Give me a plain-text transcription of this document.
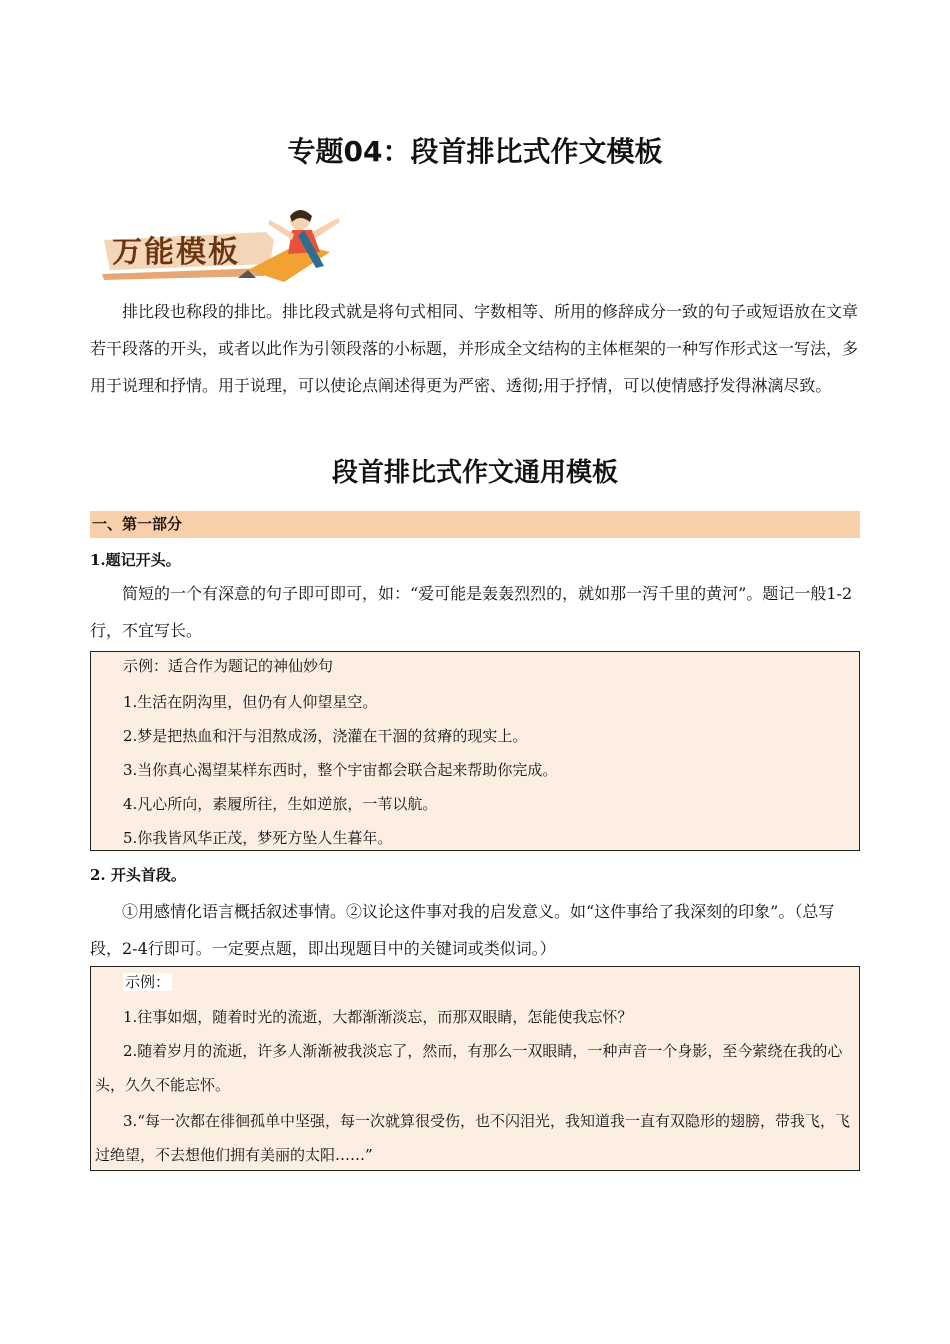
专题04：段首排比式作文模板
万能模板

排比段也称段的排比。排比段式就是将句式相同、字数相等、所用的修辞成分一致的句子或短语放在文章若干段落的开头，或者以此作为引领段落的小标题，并形成全文结构的主体框架的一种写作形式这一写法，多用于说理和抒情。用于说理，可以使论点阐述得更为严密、透彻;用于抒情，可以使情感抒发得淋漓尽致。

段首排比式作文通用模板
一、第一部分
1.题记开头。

简短的一个有深意的句子即可即可，如：“爱可能是轰轰烈烈的，就如那一泻千里的黄河”。题记一般1-2行，不宜写长。

示例：适合作为题记的神仙妙句
1.生活在阴沟里，但仍有人仰望星空。
2.梦是把热血和汗与泪熬成汤，浇灌在干涸的贫瘠的现实上。
3.当你真心渴望某样东西时，整个宇宙都会联合起来帮助你完成。
4.凡心所向，素履所往，生如逆旅，一苇以航。
5.你我皆风华正茂，梦死方坠人生暮年。
2. 开头首段。

①用感情化语言概括叙述事情。②议论这件事对我的启发意义。如“这件事给了我深刻的印象”。（总写段，2-4行即可。一定要点题，即出现题目中的关键词或类似词。）

示例：
1.往事如烟，随着时光的流逝，大都渐渐淡忘，而那双眼睛，怎能使我忘怀？
2.随着岁月的流逝，许多人渐渐被我淡忘了，然而，有那么一双眼睛，一种声音一个身影，至今萦绕在我的心头，久久不能忘怀。
3.“每一次都在徘徊孤单中坚强，每一次就算很受伤，也不闪泪光，我知道我一直有双隐形的翅膀，带我飞，飞过绝望，不去想他们拥有美丽的太阳……”
